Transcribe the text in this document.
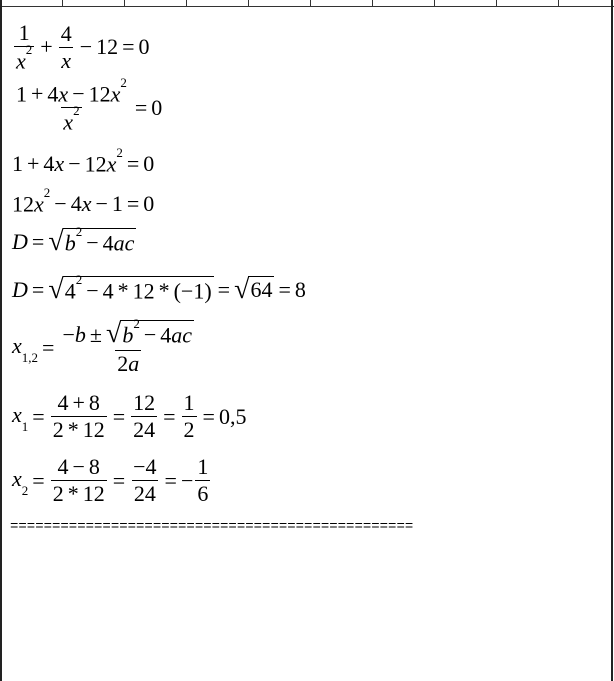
$\frac{1}{x^2} + \frac{4}{x} - 12 = 0$
$\frac{1 + 4x - 12x^2}{x^2} = 0$
$1 + 4x - 12x^2 = 0$
$12x^2 - 4x - 1 = 0$
D = √ $b^2 - 4ac$
D = √ $4^2 - 4 * 12 * (-1)$ = √ 64 = 8
$x_{1,2} = \frac{-b \pm √ b^2 - 4ac}{2a}$
$x_1 = \frac{4 + 8}{2 * 12} = \frac{12}{24} = \frac{1}{2} = 0,5$
$x_2 = \frac{4 - 8}{2 * 12} = \frac{-4}{24}$ = − $\frac{1}{6}$
================================================
